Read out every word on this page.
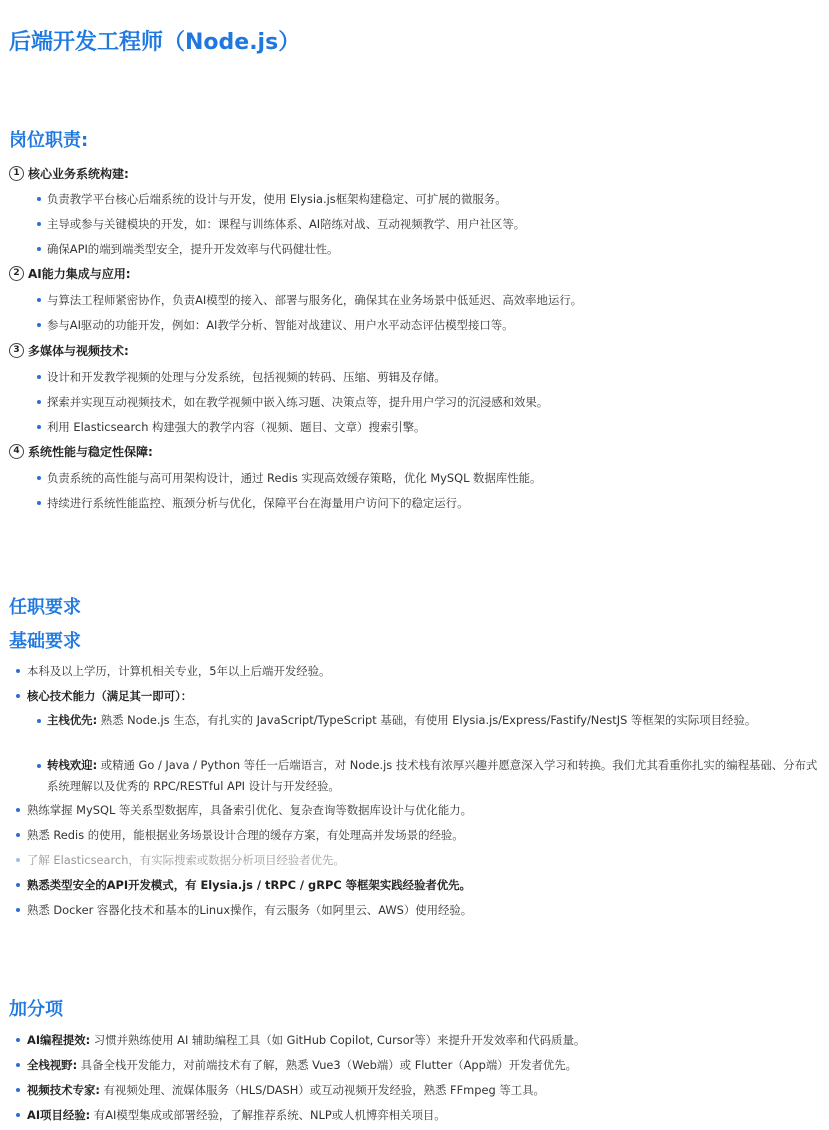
后端开发工程师（Node.js）
岗位职责:
1 核心业务系统构建:
负责教学平台核心后端系统的设计与开发，使用 Elysia.js框架构建稳定、可扩展的微服务。
主导或参与关键模块的开发，如：课程与训练体系、AI陪练对战、互动视频教学、用户社区等。
确保API的端到端类型安全，提升开发效率与代码健壮性。
2 AI能力集成与应用:
与算法工程师紧密协作，负责AI模型的接入、部署与服务化，确保其在业务场景中低延迟、高效率地运行。
参与AI驱动的功能开发，例如：AI教学分析、智能对战建议、用户水平动态评估模型接口等。
3 多媒体与视频技术:
设计和开发教学视频的处理与分发系统，包括视频的转码、压缩、剪辑及存储。
探索并实现互动视频技术，如在教学视频中嵌入练习题、决策点等，提升用户学习的沉浸感和效果。
利用 Elasticsearch 构建强大的教学内容（视频、题目、文章）搜索引擎。
4 系统性能与稳定性保障:
负责系统的高性能与高可用架构设计，通过 Redis 实现高效缓存策略，优化 MySQL 数据库性能。
持续进行系统性能监控、瓶颈分析与优化，保障平台在海量用户访问下的稳定运行。
任职要求
基础要求
本科及以上学历，计算机相关专业，5年以上后端开发经验。
核心技术能力（满足其一即可）：
主栈优先: 熟悉 Node.js 生态，有扎实的 JavaScript/TypeScript 基础，有使用 Elysia.js/Express/Fastify/NestJS 等框架的实际项目经验。
转栈欢迎: 或精通 Go / Java / Python 等任一后端语言，对 Node.js 技术栈有浓厚兴趣并愿意深入学习和转换。我们尤其看重你扎实的编程基础、分布式系统理解以及优秀的 RPC/RESTful API 设计与开发经验。
熟练掌握 MySQL 等关系型数据库，具备索引优化、复杂查询等数据库设计与优化能力。
熟悉 Redis 的使用，能根据业务场景设计合理的缓存方案，有处理高并发场景的经验。
了解 Elasticsearch，有实际搜索或数据分析项目经验者优先。
熟悉类型安全的API开发模式，有 Elysia.js / tRPC / gRPC 等框架实践经验者优先。
熟悉 Docker 容器化技术和基本的Linux操作，有云服务（如阿里云、AWS）使用经验。
加分项
AI编程提效: 习惯并熟练使用 AI 辅助编程工具（如 GitHub Copilot, Cursor等）来提升开发效率和代码质量。
全栈视野: 具备全栈开发能力，对前端技术有了解，熟悉 Vue3（Web端）或 Flutter（App端）开发者优先。
视频技术专家: 有视频处理、流媒体服务（HLS/DASH）或互动视频开发经验，熟悉 FFmpeg 等工具。
AI项目经验: 有AI模型集成或部署经验，了解推荐系统、NLP或人机博弈相关项目。
